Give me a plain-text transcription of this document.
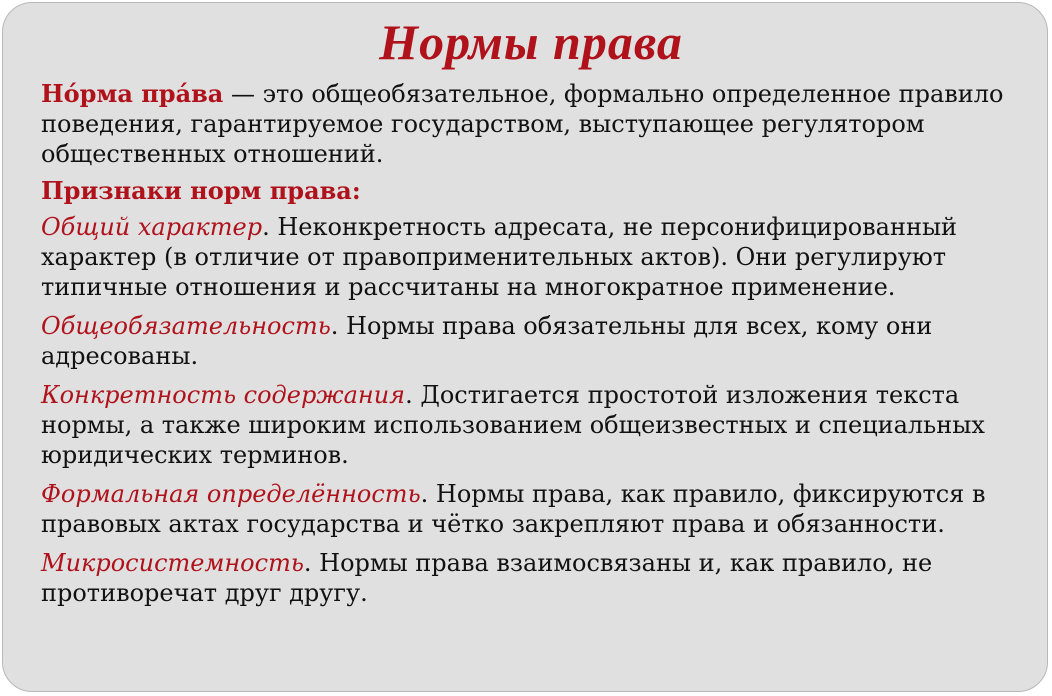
Нормы права

Но́рма пра́ва — это общеобязательное, формально определенное правило поведения, гарантируемое государством, выступающее регулятором общественных отношений.

Признаки норм права:

Общий характер. Неконкретность адресата, не персонифицированный характер (в отличие от правоприменительных актов). Они регулируют типичные отношения и рассчитаны на многократное применение.

Общеобязательность. Нормы права обязательны для всех, кому они адресованы.

Конкретность содержания. Достигается простотой изложения текста нормы, а также широким использованием общеизвестных и специальных юридических терминов.

Формальная определённость. Нормы права, как правило, фиксируются в правовых актах государства и чётко закрепляют права и обязанности.

Микросистемность. Нормы права взаимосвязаны и, как правило, не противоречат друг другу.
